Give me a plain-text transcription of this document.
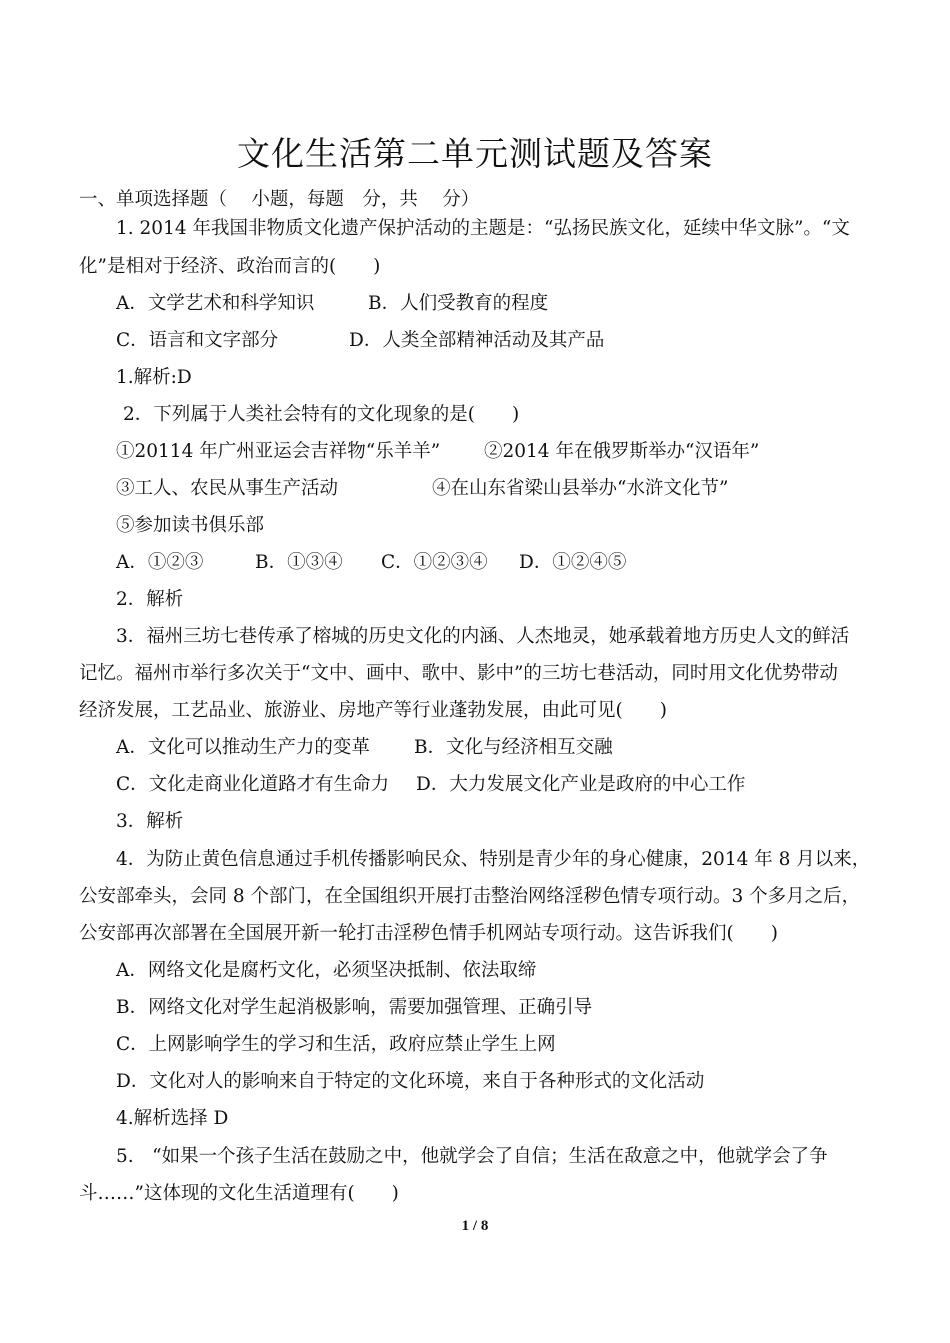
文化生活第二单元测试题及答案
一、单项选择题（　 小题，每题　分，共　 分）
1. 2014 年我国非物质文化遗产保护活动的主题是：“弘扬民族文化，延续中华文脉”。“文
化”是相对于经济、政治而言的(　　)
A．文学艺术和科学知识	B．人们受教育的程度
C．语言和文字部分	D．人类全部精神活动及其产品
1.解析:D
2．下列属于人类社会特有的文化现象的是(　　)
①20114 年广州亚运会吉祥物“乐羊羊” ②2014 年在俄罗斯举办“汉语年”
③工人、农民从事生产活动	④在山东省梁山县举办“水浒文化节”
⑤参加读书俱乐部
A．①②③	B．①③④ C．①②③④ D．①②④⑤
2．解析
3．福州三坊七巷传承了榕城的历史文化的内涵、人杰地灵，她承载着地方历史人文的鲜活
记忆。福州市举行多次关于“文中、画中、歌中、影中”的三坊七巷活动，同时用文化优势带动
经济发展，工艺品业、旅游业、房地产等行业蓬勃发展，由此可见(　　)
A．文化可以推动生产力的变革 B．文化与经济相互交融
C．文化走商业化道路才有生命力 D．大力发展文化产业是政府的中心工作
3．解析
4．为防止黄色信息通过手机传播影响民众、特别是青少年的身心健康，2014 年 8 月以来，
公安部牵头，会同 8 个部门，在全国组织开展打击整治网络淫秽色情专项行动。3 个多月之后，
公安部再次部署在全国展开新一轮打击淫秽色情手机网站专项行动。这告诉我们(　　)
A．网络文化是腐朽文化，必须坚决抵制、依法取缔
B．网络文化对学生起消极影响，需要加强管理、正确引导
C．上网影响学生的学习和生活，政府应禁止学生上网
D．文化对人的影响来自于特定的文化环境，来自于各种形式的文化活动
4.解析选择 D
5.　“如果一个孩子生活在鼓励之中，他就学会了自信；生活在敌意之中，他就学会了争
斗……”这体现的文化生活道理有(　　)
1 / 8
